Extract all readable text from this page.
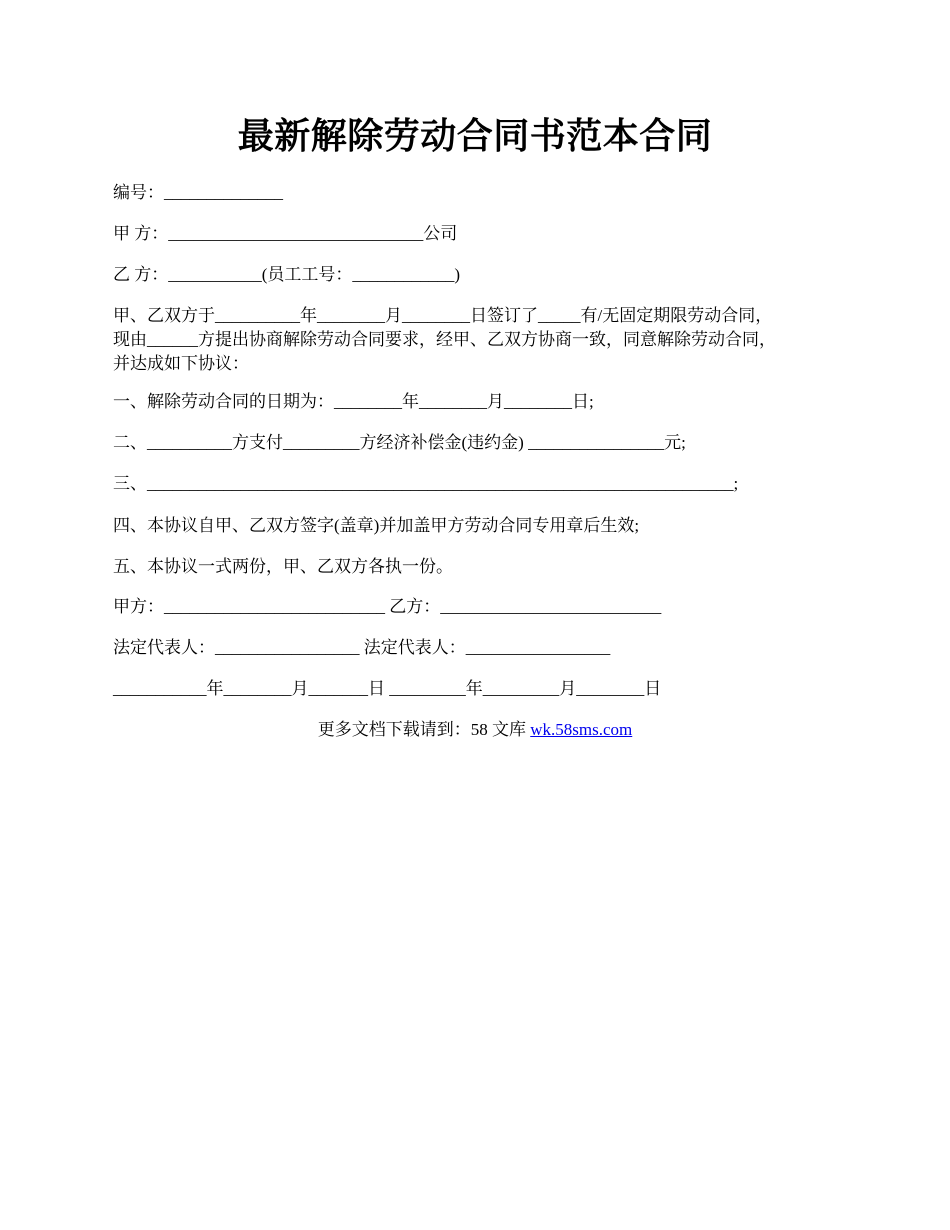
最新解除劳动合同书范本合同
编号：______________
甲 方：______________________________公司
乙 方：___________(员工工号：____________)
甲、乙双方于__________年________月________日签订了_____有/无固定期限劳动合同，
现由______方提出协商解除劳动合同要求，经甲、乙双方协商一致，同意解除劳动合同，
并达成如下协议：
一、解除劳动合同的日期为：________年________月________日;
二、__________方支付_________方经济补偿金(违约金) ________________元;
三、_____________________________________________________________________;
四、本协议自甲、乙双方签字(盖章)并加盖甲方劳动合同专用章后生效;
五、本协议一式两份，甲、乙双方各执一份。
甲方：__________________________ 乙方：__________________________
法定代表人：_________________ 法定代表人：_________________
___________年________月_______日 _________年_________月________日
更多文档下载请到：58 文库 wk.58sms.com
